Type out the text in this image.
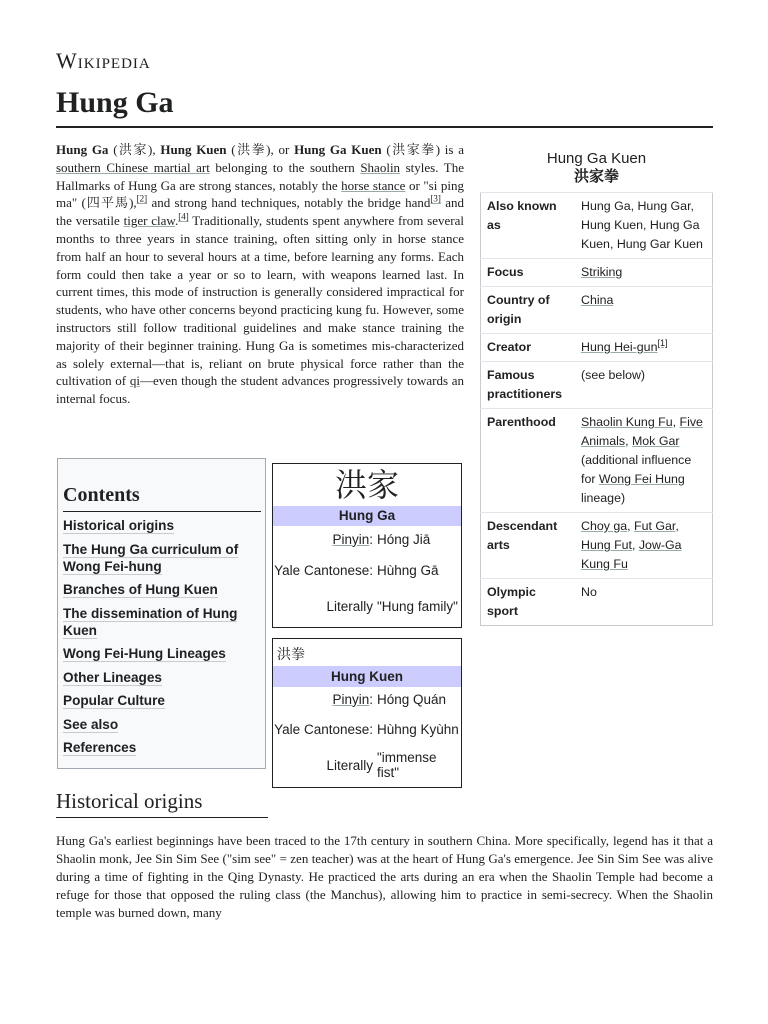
Wikipedia
Hung Ga
Hung Ga (洪家), Hung Kuen (洪拳), or Hung Ga Kuen (洪家拳) is a southern Chinese martial art belonging to the southern Shaolin styles. The Hallmarks of Hung Ga are strong stances, notably the horse stance or "si ping ma" (四平馬),[2] and strong hand techniques, notably the bridge hand[3] and the versatile tiger claw.[4] Traditionally, students spent anywhere from several months to three years in stance training, often sitting only in horse stance from half an hour to several hours at a time, before learning any forms. Each form could then take a year or so to learn, with weapons learned last. In current times, this mode of instruction is generally considered impractical for students, who have other concerns beyond practicing kung fu. However, some instructors still follow traditional guidelines and make stance training the majority of their beginner training. Hung Ga is sometimes mis-characterized as solely external—that is, reliant on brute physical force rather than the cultivation of qi—even though the student advances progressively towards an internal focus.
Hung Ga Kuen
洪家拳
Also known as	Hung Ga, Hung Gar, Hung Kuen, Hung Ga Kuen, Hung Gar Kuen
Focus	Striking
Country of origin	China
Creator	Hung Hei-gun[1]
Famous practitioners	(see below)
Parenthood	Shaolin Kung Fu, Five Animals, Mok Gar (additional influence for Wong Fei Hung lineage)
Descendant arts	Choy ga, Fut Gar, Hung Fut, Jow-Ga Kung Fu
Olympic sport	No
Contents
Historical origins
The Hung Ga curriculum of Wong Fei-hung
Branches of Hung Kuen
The dissemination of Hung Kuen
Wong Fei-Hung Lineages
Other Lineages
Popular Culture
See also
References
洪家
Hung Ga
Pinyin: Hóng Jiā
Yale Cantonese: Hùhng Gā
Literally "Hung family"
洪拳
Hung Kuen
Pinyin: Hóng Quán
Yale Cantonese: Hùhng Kyùhn
Literally "immense fist"
Historical origins
Hung Ga's earliest beginnings have been traced to the 17th century in southern China. More specifically, legend has it that a Shaolin monk, Jee Sin Sim See ("sim see" = zen teacher) was at the heart of Hung Ga's emergence. Jee Sin Sim See was alive during a time of fighting in the Qing Dynasty. He practiced the arts during an era when the Shaolin Temple had become a refuge for those that opposed the ruling class (the Manchus), allowing him to practice in semi-secrecy. When the Shaolin temple was burned down, many
